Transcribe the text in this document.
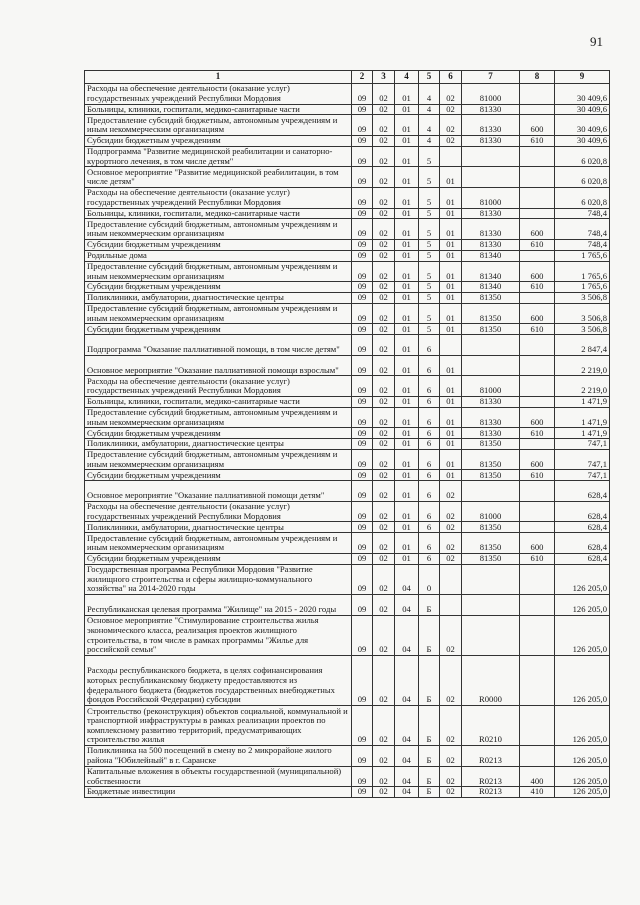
91
1	2	3	4	5	6	7	8	9
Расходы на обеспечение деятельности (оказание услуг) государственных учреждений Республики Мордовия	09	02	01	4	02	81000		30 409,6
Больницы, клиники, госпитали, медико-санитарные части	09	02	01	4	02	81330		30 409,6
Предоставление субсидий бюджетным, автономным учреждениям и иным некоммерческим организациям	09	02	01	4	02	81330	600	30 409,6
Субсидии бюджетным учреждениям	09	02	01	4	02	81330	610	30 409,6
Подпрограмма "Развитие медицинской реабилитации и санаторно-курортного лечения, в том числе детям"	09	02	01	5				6 020,8
Основное мероприятие "Развитие медицинской реабилитации, в том числе детям"	09	02	01	5	01			6 020,8
Расходы на обеспечение деятельности (оказание услуг) государственных учреждений Республики Мордовия	09	02	01	5	01	81000		6 020,8
Больницы, клиники, госпитали, медико-санитарные части	09	02	01	5	01	81330		748,4
Предоставление субсидий бюджетным, автономным учреждениям и иным некоммерческим организациям	09	02	01	5	01	81330	600	748,4
Субсидии бюджетным учреждениям	09	02	01	5	01	81330	610	748,4
Родильные дома	09	02	01	5	01	81340		1 765,6
Предоставление субсидий бюджетным, автономным учреждениям и иным некоммерческим организациям	09	02	01	5	01	81340	600	1 765,6
Субсидии бюджетным учреждениям	09	02	01	5	01	81340	610	1 765,6
Поликлиники, амбулатории, диагностические центры	09	02	01	5	01	81350		3 506,8
Предоставление субсидий бюджетным, автономным учреждениям и иным некоммерческим организациям	09	02	01	5	01	81350	600	3 506,8
Субсидии бюджетным учреждениям	09	02	01	5	01	81350	610	3 506,8
Подпрограмма "Оказание паллиативной помощи, в том числе детям"	09	02	01	6				2 847,4
Основное мероприятие "Оказание паллиативной помощи взрослым"	09	02	01	6	01			2 219,0
Расходы на обеспечение деятельности (оказание услуг) государственных учреждений Республики Мордовия	09	02	01	6	01	81000		2 219,0
Больницы, клиники, госпитали, медико-санитарные части	09	02	01	6	01	81330		1 471,9
Предоставление субсидий бюджетным, автономным учреждениям и иным некоммерческим организациям	09	02	01	6	01	81330	600	1 471,9
Субсидии бюджетным учреждениям	09	02	01	6	01	81330	610	1 471,9
Поликлиники, амбулатории, диагностические центры	09	02	01	6	01	81350		747,1
Предоставление субсидий бюджетным, автономным учреждениям и иным некоммерческим организациям	09	02	01	6	01	81350	600	747,1
Субсидии бюджетным учреждениям	09	02	01	6	01	81350	610	747,1
Основное мероприятие "Оказание паллиативной помощи детям"	09	02	01	6	02			628,4
Расходы на обеспечение деятельности (оказание услуг) государственных учреждений Республики Мордовия	09	02	01	6	02	81000		628,4
Поликлиники, амбулатории, диагностические центры	09	02	01	6	02	81350		628,4
Предоставление субсидий бюджетным, автономным учреждениям и иным некоммерческим организациям	09	02	01	6	02	81350	600	628,4
Субсидии бюджетным учреждениям	09	02	01	6	02	81350	610	628,4
Государственная программа Республики Мордовия "Развитие жилищного строительства и сферы жилищно-коммунального хозяйства" на 2014-2020 годы	09	02	04	0				126 205,0
Республиканская целевая программа "Жилище" на 2015 - 2020 годы	09	02	04	Б				126 205,0
Основное мероприятие "Стимулирование строительства жилья экономического класса, реализация проектов жилищного строительства, в том числе в рамках программы "Жилье для российской семьи"	09	02	04	Б	02			126 205,0
Расходы республиканского бюджета, в целях софинансирования которых республиканскому бюджету предоставляются из федерального бюджета (бюджетов государственных внебюджетных фондов Российской Федерации) субсидии	09	02	04	Б	02	R0000		126 205,0
Строительство (реконструкция) объектов социальной, коммунальной и транспортной инфраструктуры в рамках реализации проектов по комплексному развитию территорий, предусматривающих строительство жилья	09	02	04	Б	02	R0210		126 205,0
Поликлиника на 500 посещений в смену во 2 микрорайоне жилого района "Юбилейный" в г. Саранске	09	02	04	Б	02	R0213		126 205,0
Капитальные вложения в объекты государственной (муниципальной) собственности	09	02	04	Б	02	R0213	400	126 205,0
Бюджетные инвестиции	09	02	04	Б	02	R0213	410	126 205,0
